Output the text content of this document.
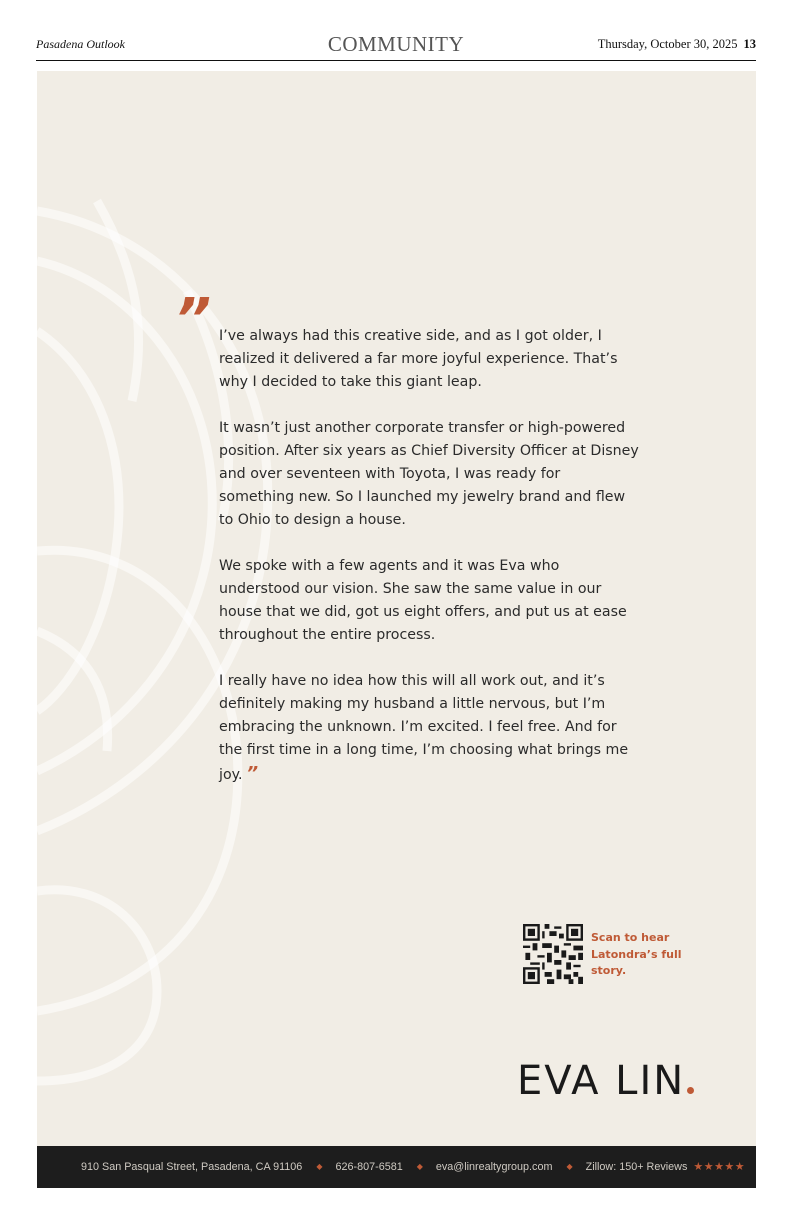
Pasadena Outlook	COMMUNITY	Thursday, October 30, 2025 13
” I’ve always had this creative side, and as I got older, I realized it delivered a far more joyful experience. That’s why I decided to take this giant leap.

It wasn’t just another corporate transfer or high-powered position. After six years as Chief Diversity Officer at Disney and over seventeen with Toyota, I was ready for something new. So I launched my jewelry brand and flew to Ohio to design a house.

We spoke with a few agents and it was Eva who understood our vision. She saw the same value in our house that we did, got us eight offers, and put us at ease throughout the entire process.

I really have no idea how this will all work out, and it’s definitely making my husband a little nervous, but I’m embracing the unknown. I’m excited. I feel free. And for the first time in a long time, I’m choosing what brings me joy. ”

Scan to hear Latondra’s full story.
EVA LIN
910 San Pasqual Street, Pasadena, CA 91106 ◆ 626-807-6581 ◆ eva@linrealtygroup.com ◆ Zillow: 150+ Reviews ★★★★★
